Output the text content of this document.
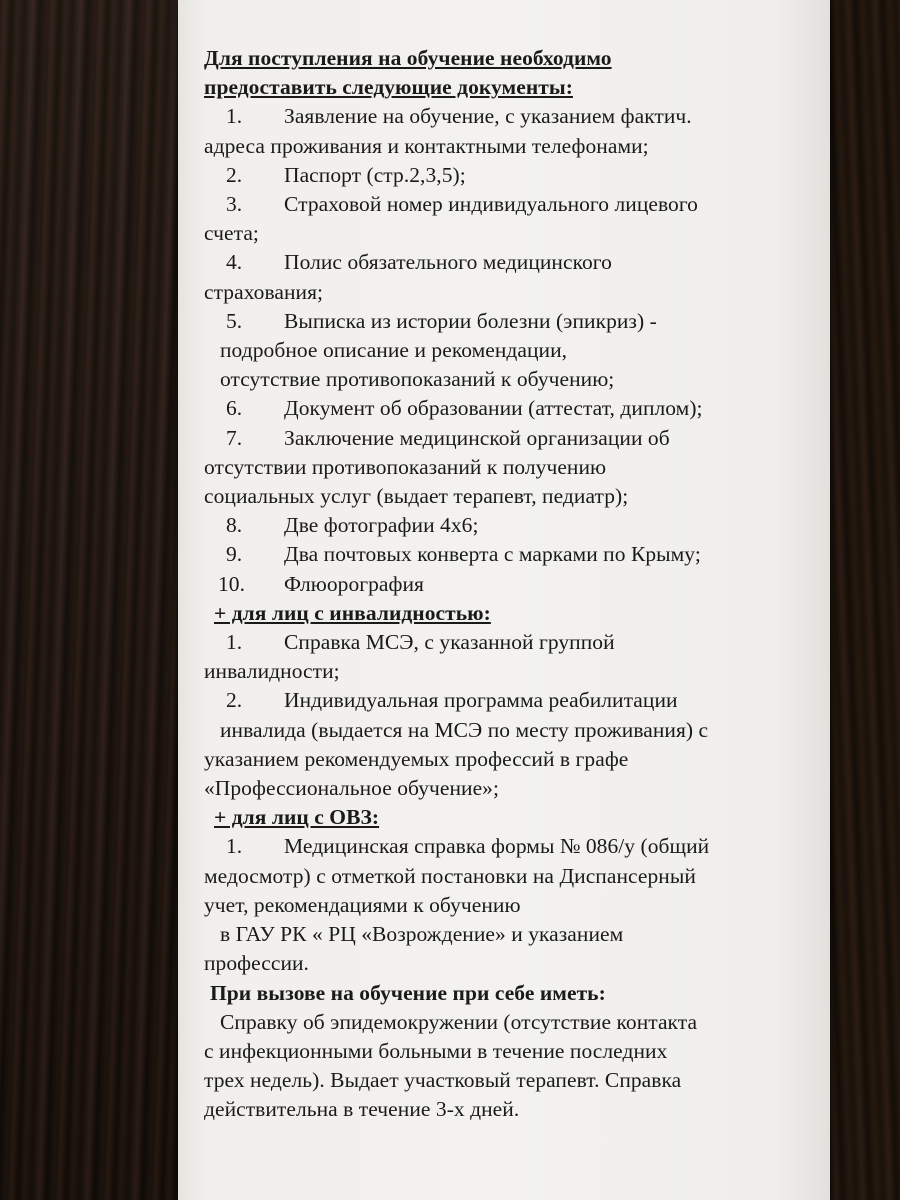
Для поступления на обучение необходимо
предоставить следующие документы:
1.	Заявление на обучение, с указанием фактич.
адреса проживания и контактными телефонами;
2.	Паспорт (стр.2,3,5);
3.	Страховой номер индивидуального лицевого
счета;
4.	Полис обязательного медицинского
страхования;
5.	Выписка из истории болезни (эпикриз) -
подробное описание и рекомендации,
отсутствие противопоказаний к обучению;
6.	Документ об образовании (аттестат, диплом);
7.	Заключение медицинской организации об
отсутствии противопоказаний к получению
социальных услуг (выдает терапевт, педиатр);
8.	Две фотографии 4х6;
9.	Два почтовых конверта с марками по Крыму;
10.	Флюорография
+ для лиц с инвалидностью:
1.	Справка МСЭ, с указанной группой
инвалидности;
2.	Индивидуальная программа реабилитации
инвалида (выдается на МСЭ по месту проживания) с
указанием рекомендуемых профессий в графе
«Профессиональное обучение»;
+ для лиц с ОВЗ:
1.	Медицинская справка формы № 086/у (общий
медосмотр) с отметкой постановки на Диспансерный
учет, рекомендациями к обучению
в ГАУ РК « РЦ «Возрождение» и указанием
профессии.
При вызове на обучение при себе иметь:
Справку об эпидемокружении (отсутствие контакта
с инфекционными больными в течение последних
трех недель). Выдает участковый терапевт. Справка
действительна в течение 3-х дней.
